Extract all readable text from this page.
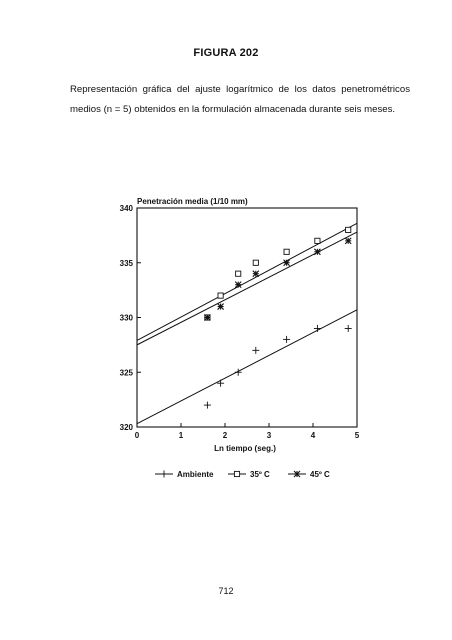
FIGURA 202
Representación gráfica del ajuste logarítmico de los datos penetrométricos medios (n = 5) obtenidos en la formulación almacenada durante seis meses.
Penetración media (1/10 mm)
Ln tiempo (seg.)
0	1	2	3	4	5
340
335
330
325
320
Ambiente	35º C	45º C
712
